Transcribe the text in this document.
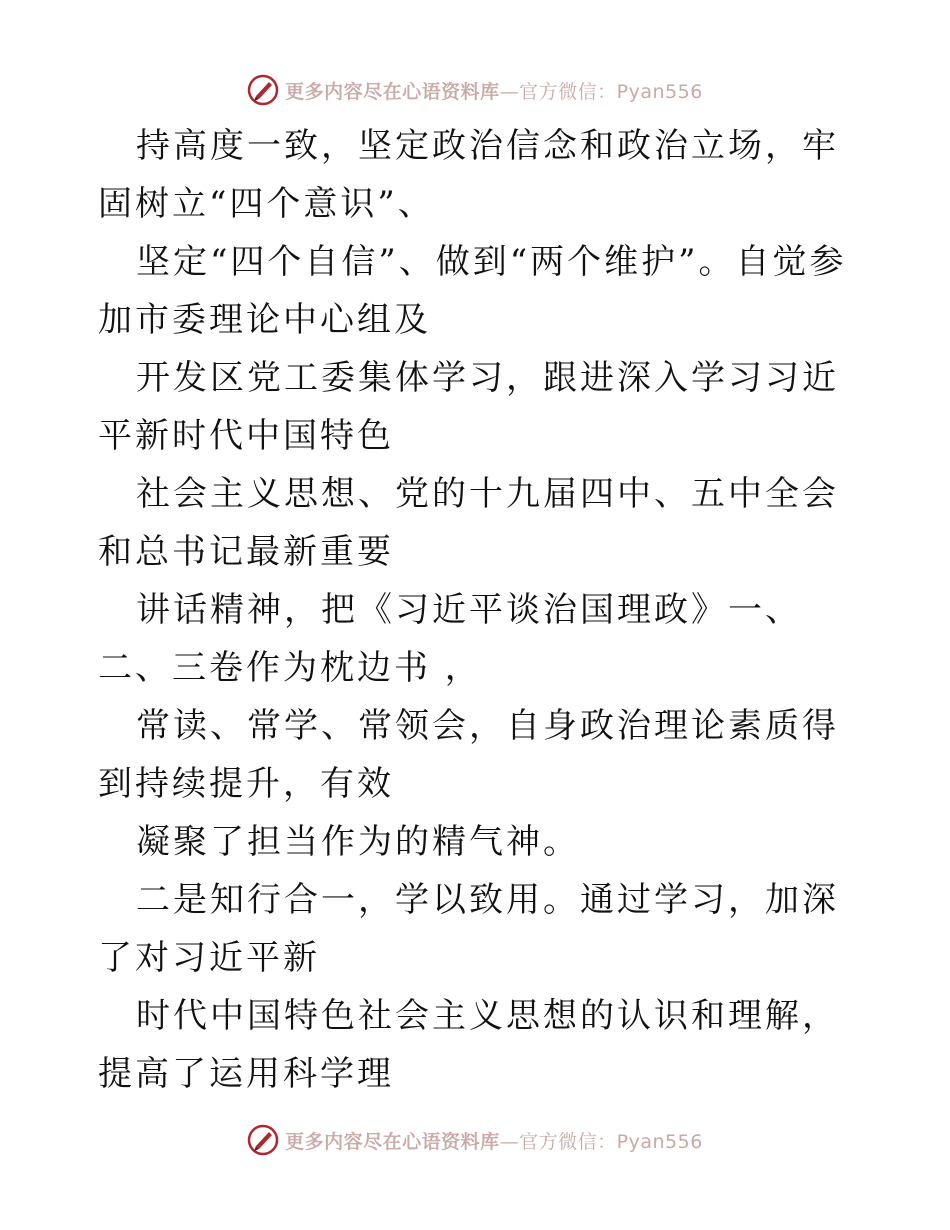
更多内容尽在心语资料库—官方微信：Pyan556

持高度一致，坚定政治信念和政治立场，牢固树立“四个意识”、

坚定“四个自信”、做到“两个维护”。自觉参加市委理论中心组及

开发区党工委集体学习，跟进深入学习习近平新时代中国特色

社会主义思想、党的十九届四中、五中全会和总书记最新重要

讲话精神，把《习近平谈治国理政》一、二、三卷作为枕边书 ，

常读、常学、常领会，自身政治理论素质得到持续提升，有效

凝聚了担当作为的精气神。

二是知行合一，学以致用。通过学习，加深了对习近平新

时代中国特色社会主义思想的认识和理解，提高了运用科学理

更多内容尽在心语资料库—官方微信：Pyan556
